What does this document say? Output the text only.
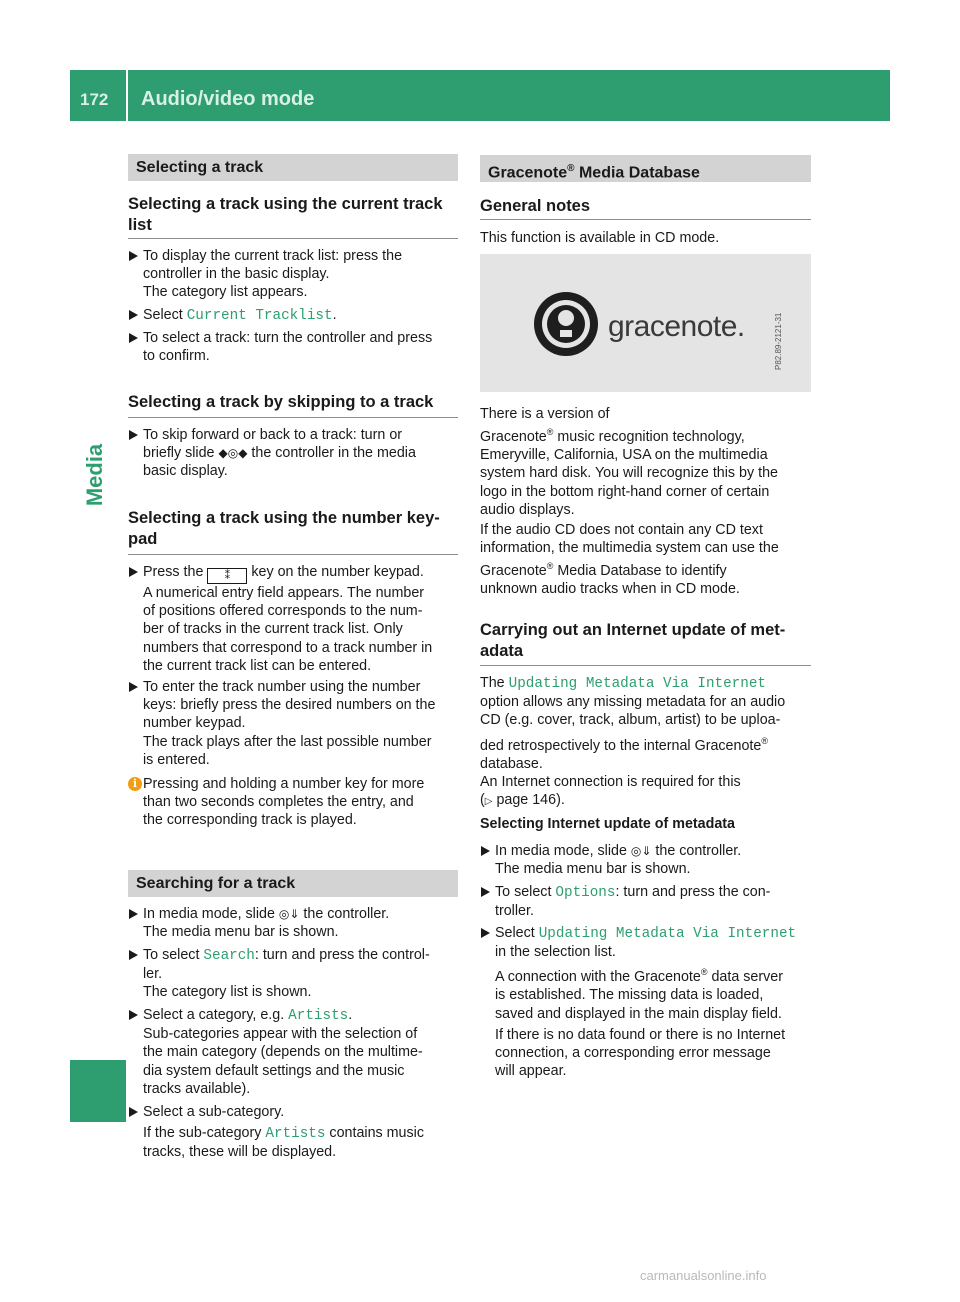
172 Audio/video mode
Media
Selecting a track
Selecting a track using the current track list
To display the current track list: press the
controller in the basic display.
The category list appears.
Select Current Tracklist.
To select a track: turn the controller and press
to confirm.
Selecting a track by skipping to a track
To skip forward or back to a track: turn or
briefly slide ◆◎◆ the controller in the media
basic display.
Selecting a track using the number key-
pad
Press the ⁑ key on the number keypad.
A numerical entry field appears. The number
of positions offered corresponds to the num-
ber of tracks in the current track list. Only
numbers that correspond to a track number in
the current track list can be entered.
To enter the track number using the number
keys: briefly press the desired numbers on the
number keypad.
The track plays after the last possible number
is entered.
i Pressing and holding a number key for more
than two seconds completes the entry, and
the corresponding track is played.
Searching for a track
In media mode, slide ◎⇓ the controller.
The media menu bar is shown.
To select Search: turn and press the control-
ler.
The category list is shown.
Select a category, e.g. Artists.
Sub-categories appear with the selection of
the main category (depends on the multime-
dia system default settings and the music
tracks available).
Select a sub-category.
If the sub-category Artists contains music
tracks, these will be displayed.
Gracenote® Media Database
General notes
This function is available in CD mode.
gracenote.	P82.89-2121-31
There is a version of
Gracenote® music recognition technology,
Emeryville, California, USA on the multimedia
system hard disk. You will recognize this by the
logo in the bottom right-hand corner of certain
audio displays.
If the audio CD does not contain any CD text
information, the multimedia system can use the
Gracenote® Media Database to identify
unknown audio tracks when in CD mode.
Carrying out an Internet update of met-
adata
The Updating Metadata Via Internet
option allows any missing metadata for an audio
CD (e.g. cover, track, album, artist) to be uploa-
ded retrospectively to the internal Gracenote®
database.
An Internet connection is required for this
(▷ page 146).
Selecting Internet update of metadata
In media mode, slide ◎⇓ the controller.
The media menu bar is shown.
To select Options: turn and press the con-
troller.
Select Updating Metadata Via Internet
in the selection list.
A connection with the Gracenote® data server
is established. The missing data is loaded,
saved and displayed in the main display field.
If there is no data found or there is no Internet
connection, a corresponding error message
will appear.
carmanualsonline.info
